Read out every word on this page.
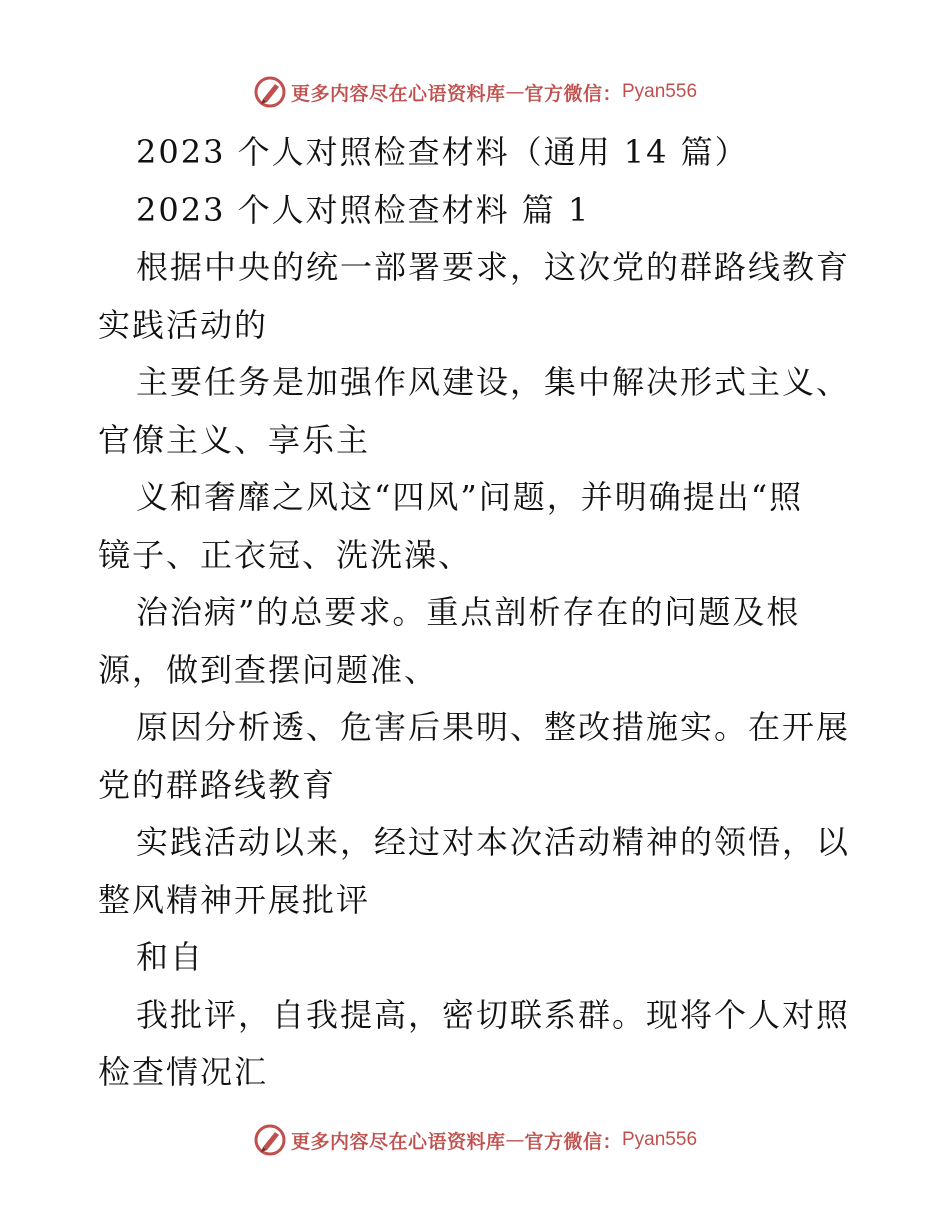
更多内容尽在心语资料库 — 官方微信： Pyan556
2023 个人对照检查材料（通用 14 篇）
2023 个人对照检查材料 篇 1
根据中央的统一部署要求，这次党的群路线教育
实践活动的
主要任务是加强作风建设，集中解决形式主义、
官僚主义、享乐主
义和奢靡之风这“四风”问题，并明确提出“照
镜子、正衣冠、洗洗澡、
治治病”的总要求。重点剖析存在的问题及根
源，做到查摆问题准、
原因分析透、危害后果明、整改措施实。在开展
党的群路线教育
实践活动以来，经过对本次活动精神的领悟，以
整风精神开展批评
和自
我批评，自我提高，密切联系群。现将个人对照
检查情况汇
更多内容尽在心语资料库 — 官方微信： Pyan556
